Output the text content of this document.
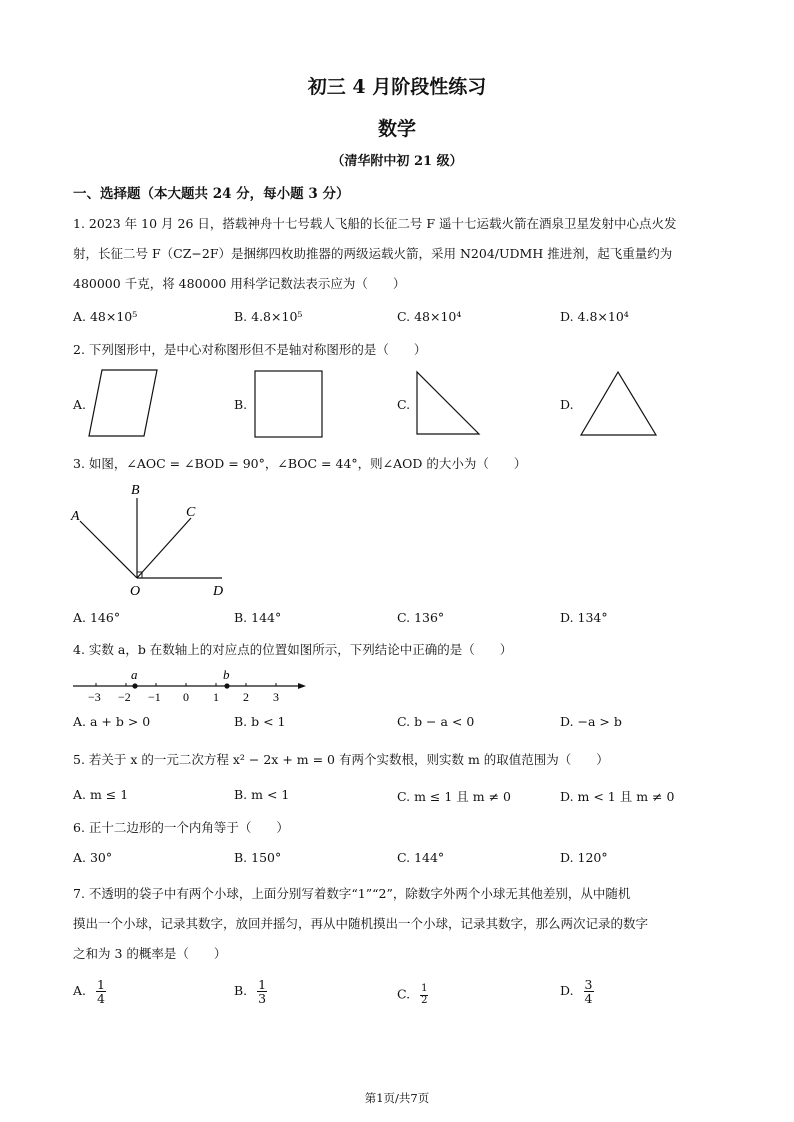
初三 4 月阶段性练习
数学
（清华附中初 21 级）
一、选择题（本大题共 24 分，每小题 3 分）
1. 2023 年 10 月 26 日，搭载神舟十七号载人飞船的长征二号 F 遥十七运载火箭在酒泉卫星发射中心点火发
射，长征二号 F（CZ−2F）是捆绑四枚助推器的两级运载火箭，采用 N204/UDMH 推进剂，起飞重量约为
480000 千克，将 480000 用科学记数法表示应为（　　）
A. 48×10⁵	B. 4.8×10⁵	C. 48×10⁴	D. 4.8×10⁴
2. 下列图形中，是中心对称图形但不是轴对称图形的是（　　）
A.	B.	C.	D.
3. 如图，∠AOC = ∠BOD = 90°，∠BOC = 44°，则∠AOD 的大小为（　　）
A
B
C
O	D
A. 146°	B. 144°	C. 136°	D. 134°
4. 实数 a，b 在数轴上的对应点的位置如图所示，下列结论中正确的是（　　）
−3 −2 −1 0 1 2 3
a	b
A. a + b > 0	B. b < 1	C. b − a < 0	D. −a > b
5. 若关于 x 的一元二次方程 x² − 2x + m = 0 有两个实数根，则实数 m 的取值范围为（　　）
A. m ≤ 1	B. m < 1	C. m ≤ 1 且 m ≠ 0	D. m < 1 且 m ≠ 0
6. 正十二边形的一个内角等于（　　）
A. 30°	B. 150°	C. 144°	D. 120°
7. 不透明的袋子中有两个小球，上面分别写着数字“1”“2”，除数字外两个小球无其他差别，从中随机
摸出一个小球，记录其数字，放回并摇匀，再从中随机摸出一个小球，记录其数字，那么两次记录的数字
之和为 3 的概率是（　　）
A. $\frac{1}{4}$	B. $\frac{1}{3}$	C. $\frac{1}{2}$	D. $\frac{3}{4}$
第1页/共7页
